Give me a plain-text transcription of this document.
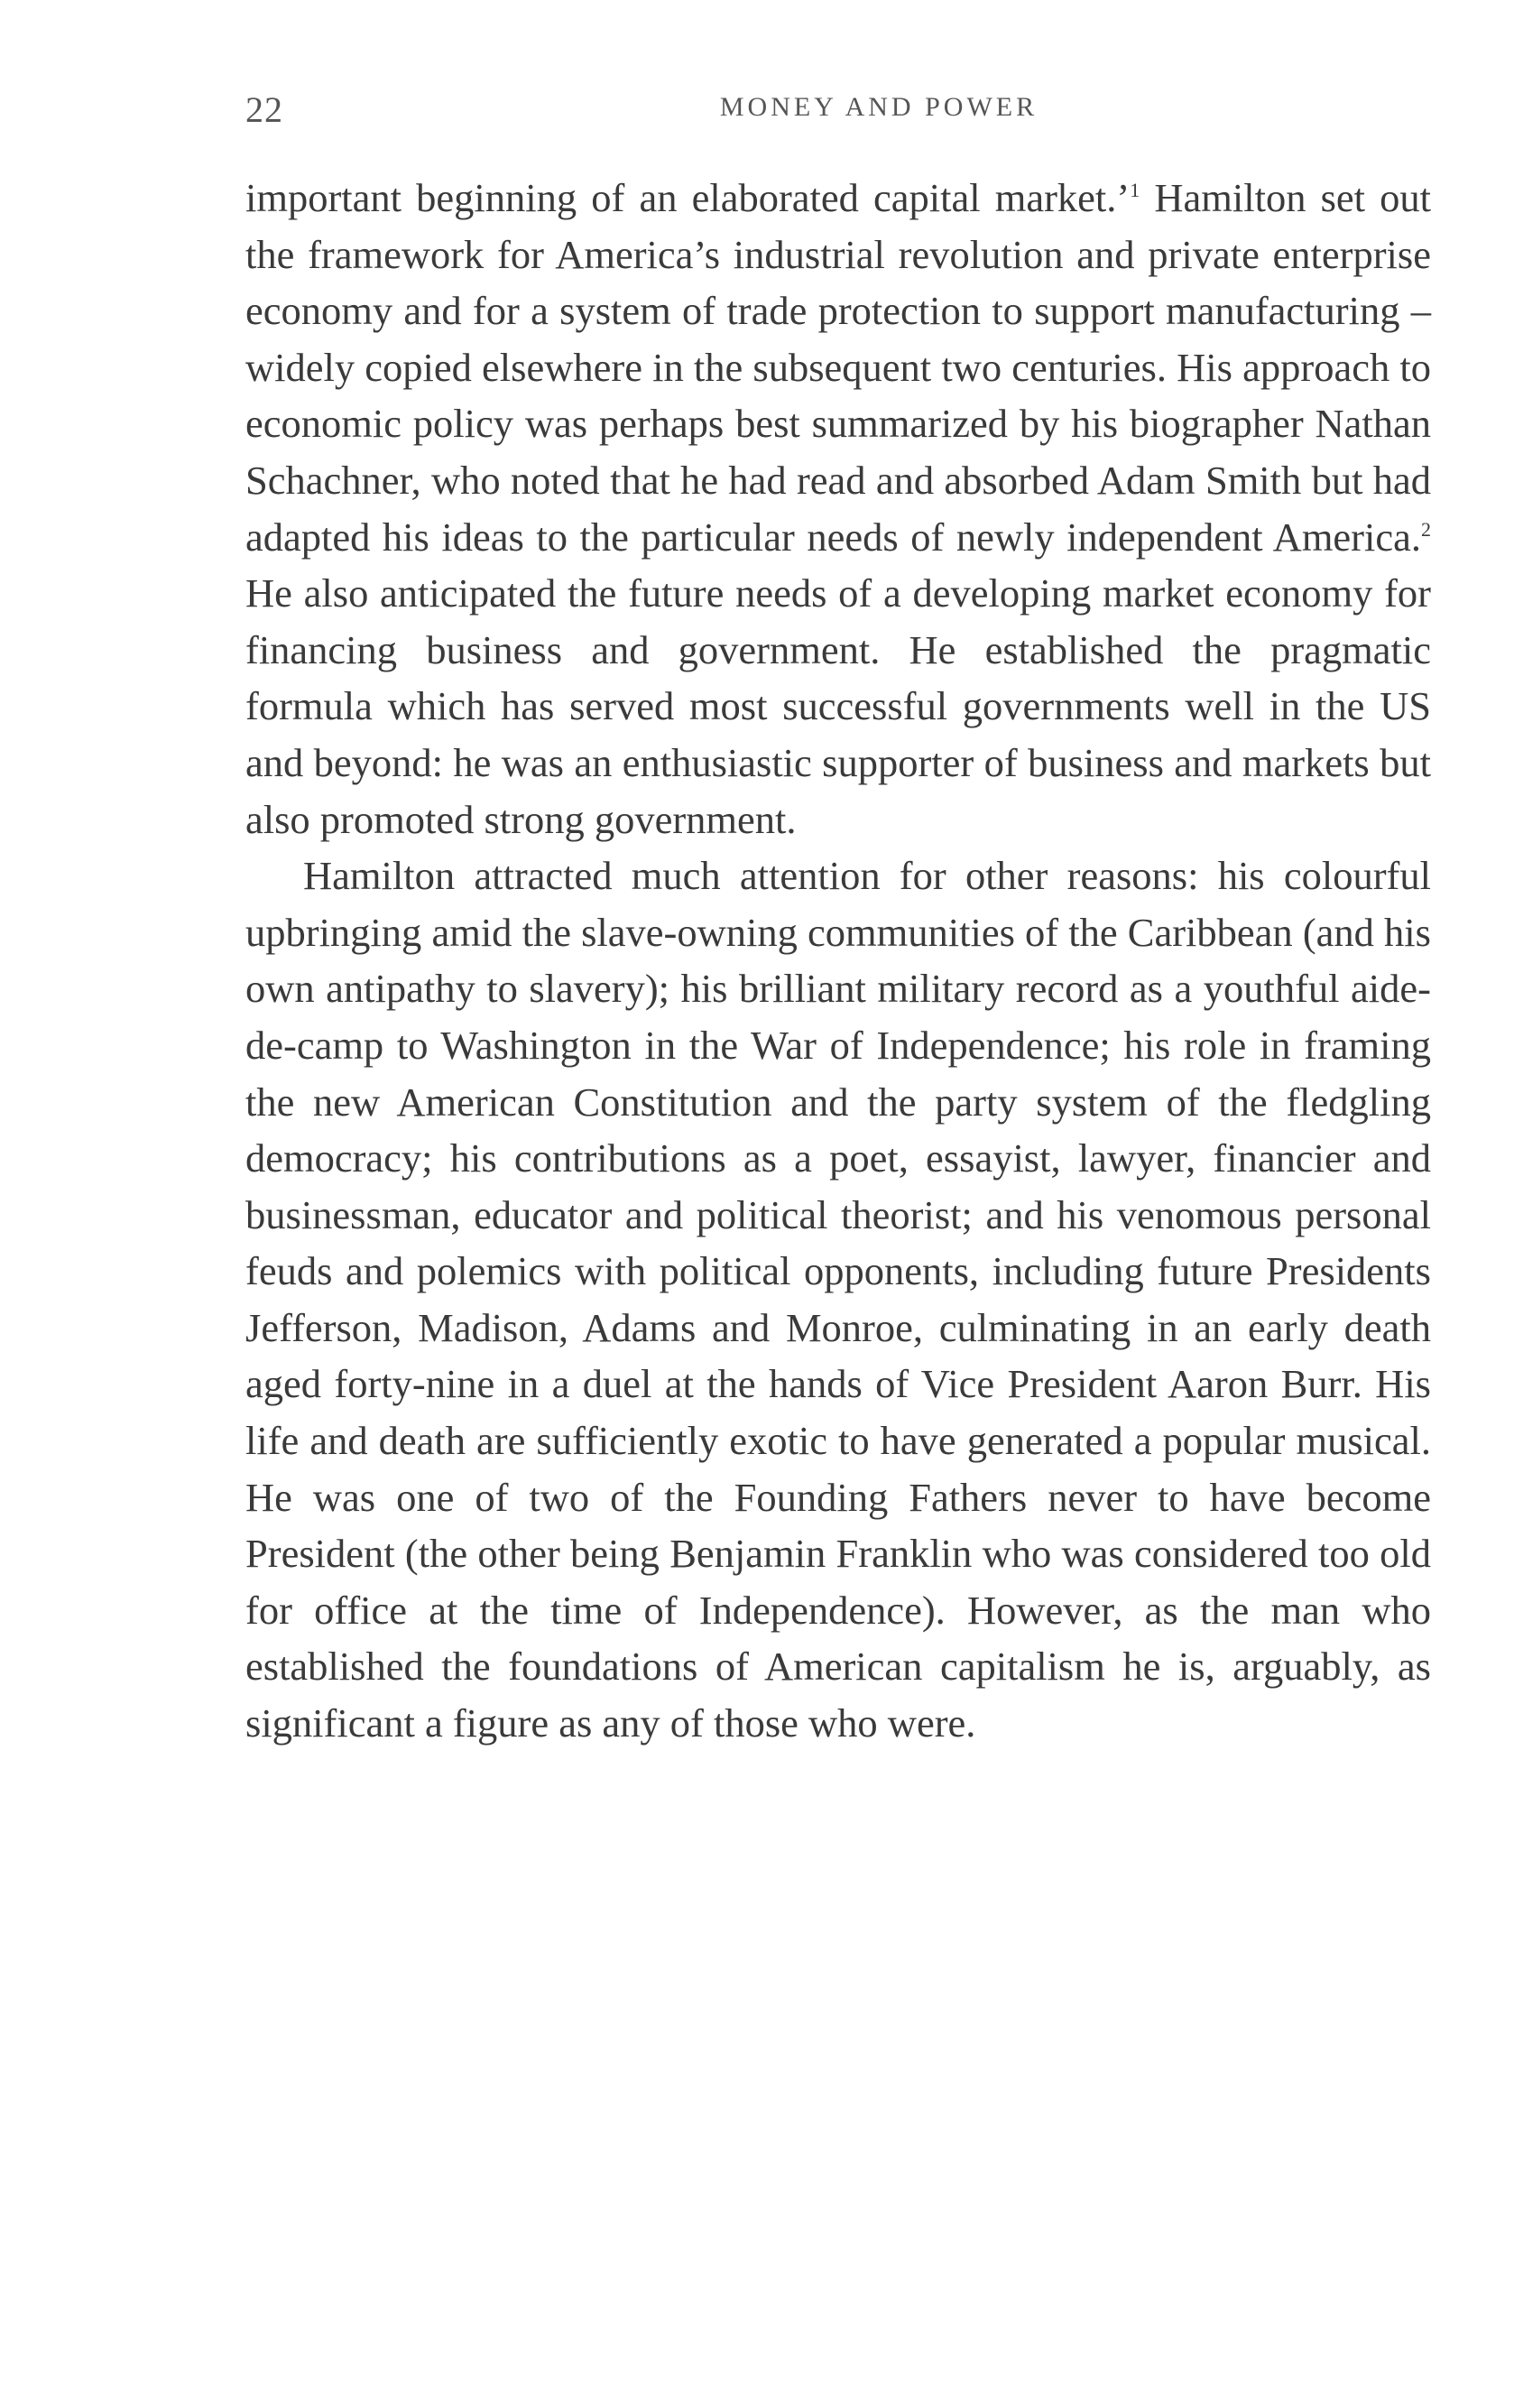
22	MONEY AND POWER

important beginning of an elaborated capital market.’$^1$ Hamilton set out the framework for America’s industrial revolution and private enterprise economy and for a system of trade protection to support manufacturing – widely copied elsewhere in the subsequent two centuries. His approach to economic policy was perhaps best summarized by his biographer Nathan Schachner, who noted that he had read and absorbed Adam Smith but had adapted his ideas to the particular needs of newly independent America.$^2$ He also anticipated the future needs of a developing market economy for financing business and government. He established the pragmatic formula which has served most successful governments well in the US and beyond: he was an enthusiastic supporter of business and markets but also promoted strong government.

Hamilton attracted much attention for other reasons: his colourful upbringing amid the slave-owning communities of the Caribbean (and his own antipathy to slavery); his brilliant military record as a youthful aide-de-camp to Washington in the War of Independence; his role in framing the new American Constitution and the party system of the fledgling democracy; his contributions as a poet, essayist, lawyer, financier and businessman, educator and political theorist; and his venomous personal feuds and polemics with political opponents, including future Presidents Jefferson, Madison, Adams and Monroe, culminating in an early death aged forty-nine in a duel at the hands of Vice President Aaron Burr. His life and death are sufficiently exotic to have generated a popular musical. He was one of two of the Founding Fathers never to have become President (the other being Benjamin Franklin who was considered too old for office at the time of Independence). However, as the man who established the foundations of American capitalism he is, arguably, as significant a figure as any of those who were.
